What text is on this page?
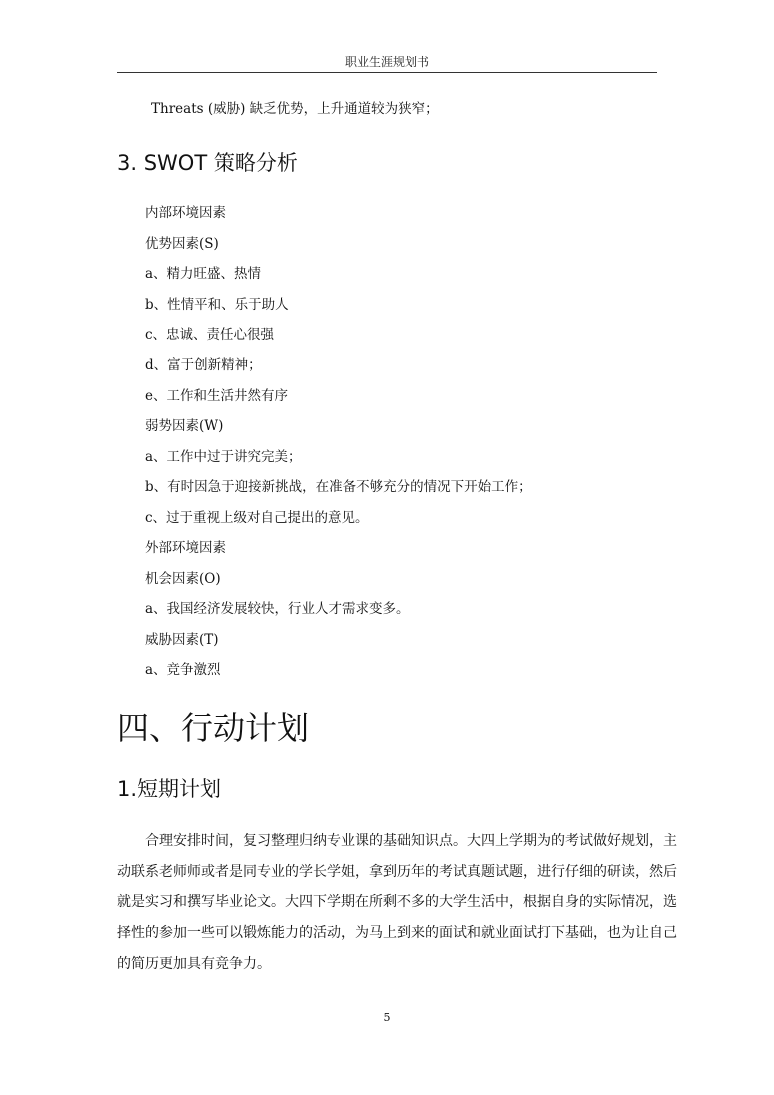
职业生涯规划书
Threats (威胁) 缺乏优势，上升通道较为狭窄；
3. SWOT 策略分析
内部环境因素
优势因素(S)
a、精力旺盛、热情
b、性情平和、乐于助人
c、忠诚、责任心很强
d、富于创新精神；
e、工作和生活井然有序
弱势因素(W)
a、工作中过于讲究完美；
b、有时因急于迎接新挑战，在准备不够充分的情况下开始工作；
c、过于重视上级对自己提出的意见。
外部环境因素
机会因素(O)
a、我国经济发展较快，行业人才需求变多。
威胁因素(T)
a、竞争激烈
四、行动计划
1.短期计划
合理安排时间，复习整理归纳专业课的基础知识点。大四上学期为的考试做好规划，主
动联系老师师或者是同专业的学长学姐，拿到历年的考试真题试题，进行仔细的研读，然后
就是实习和撰写毕业论文。大四下学期在所剩不多的大学生活中，根据自身的实际情况，选
择性的参加一些可以锻炼能力的活动，为马上到来的面试和就业面试打下基础，也为让自己
的简历更加具有竞争力。
5
